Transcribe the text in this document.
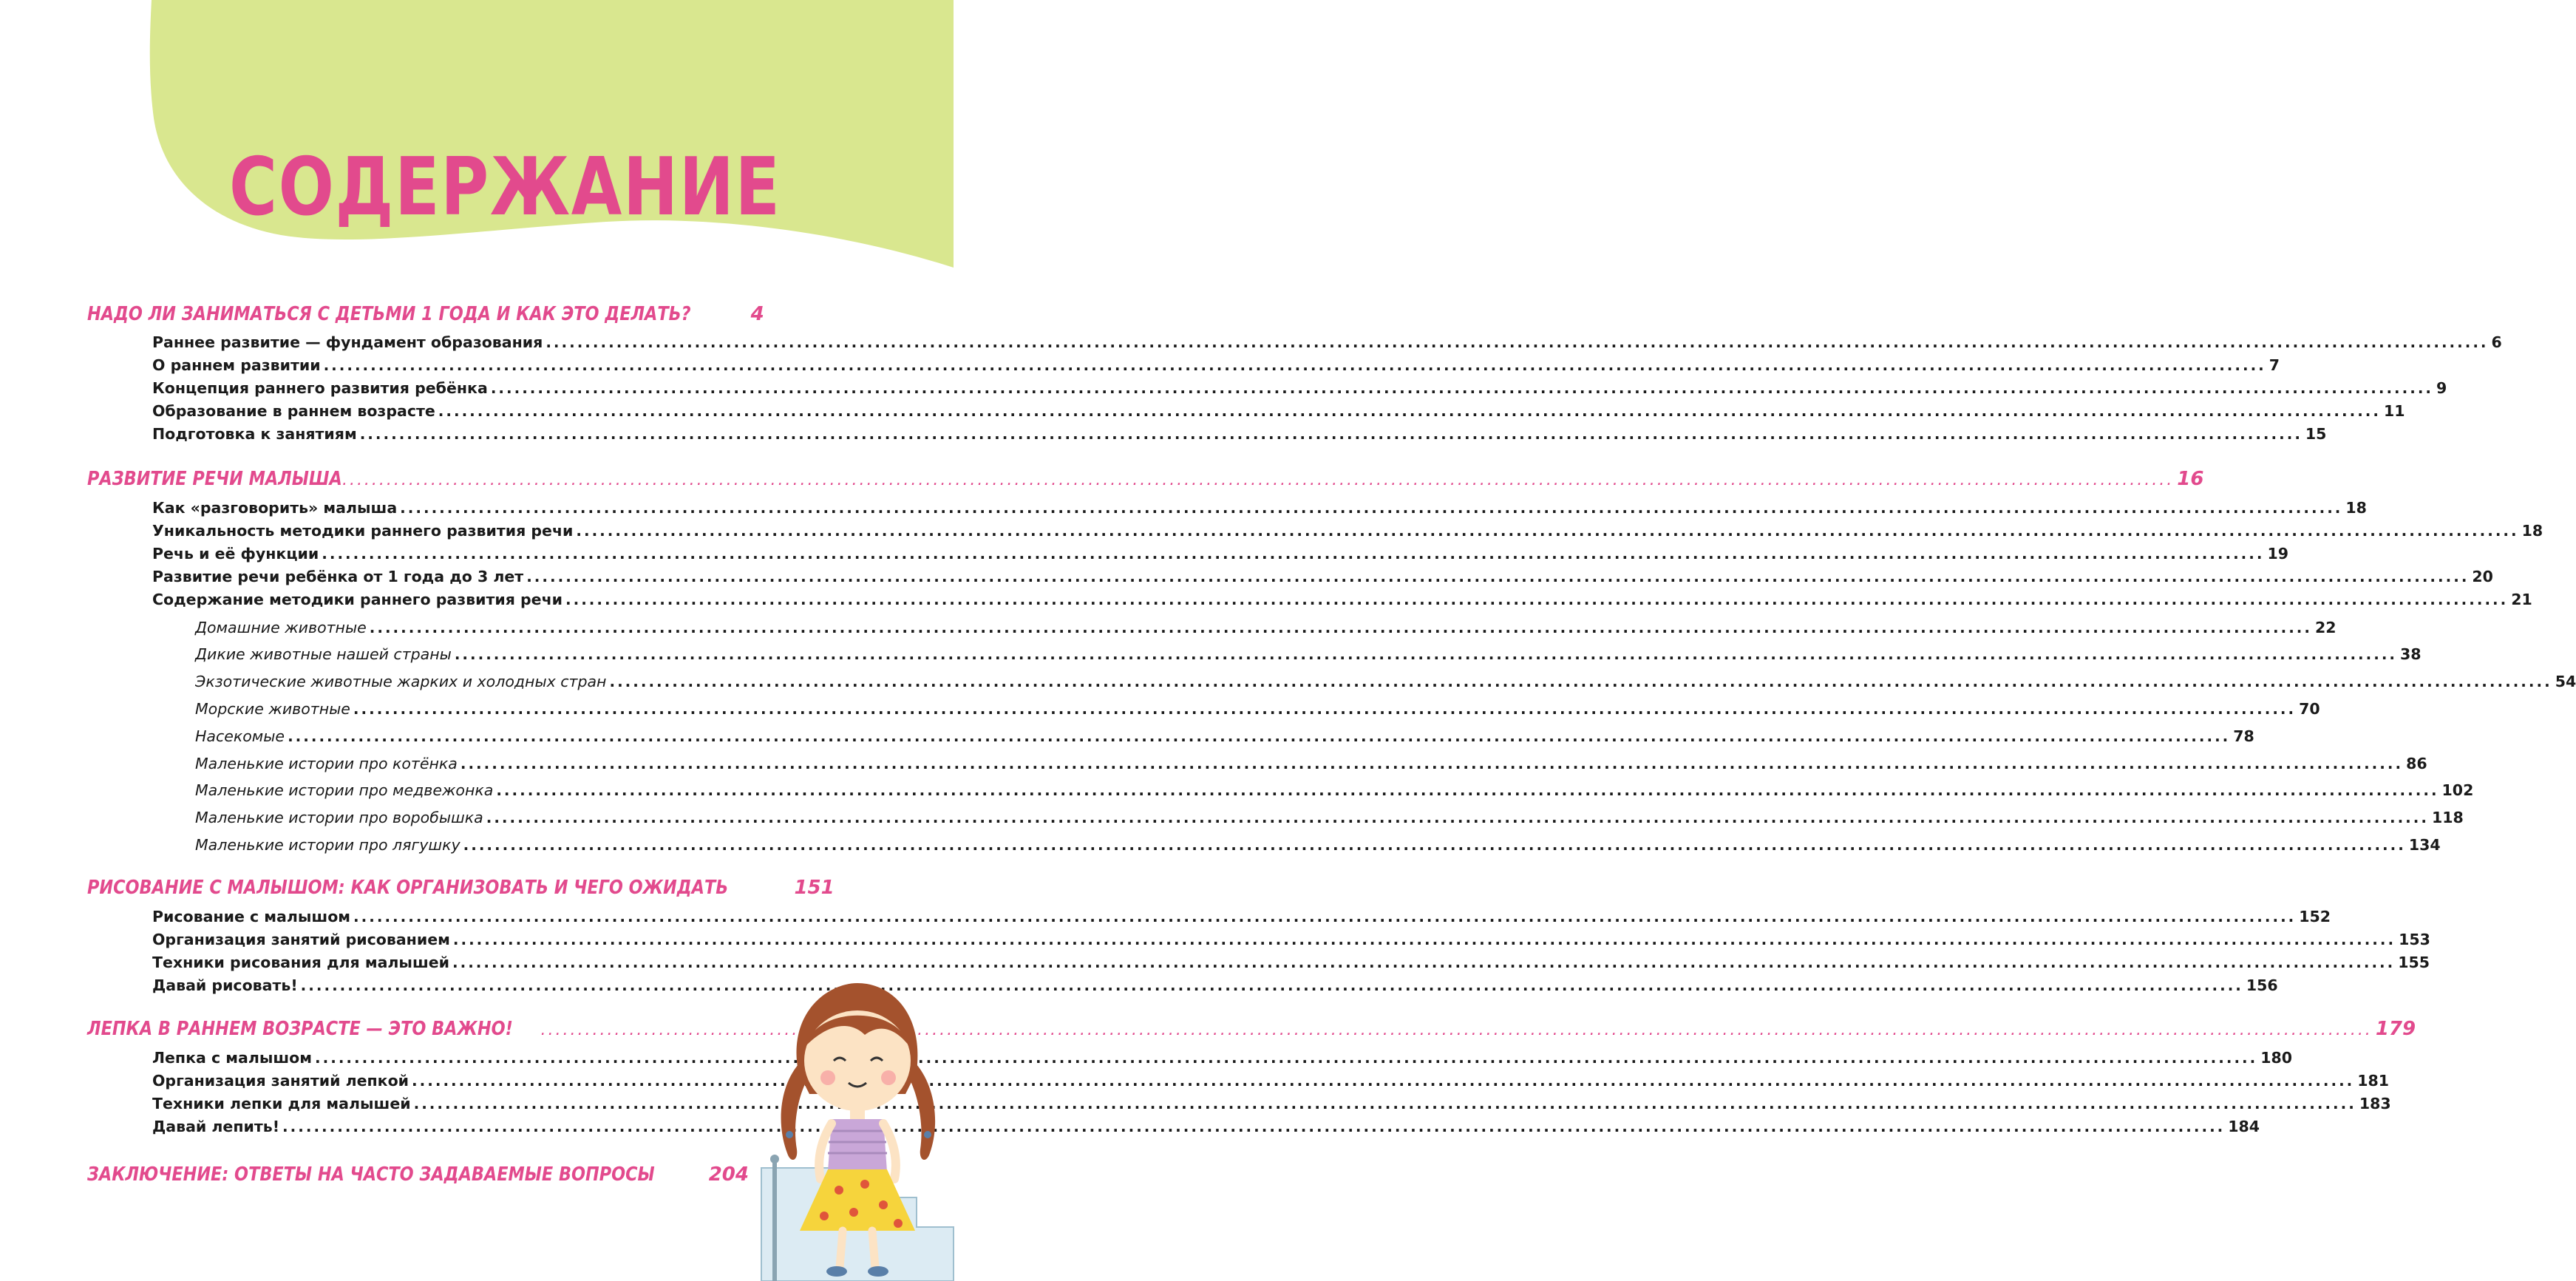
СОДЕРЖАНИЕ
НАДО ЛИ ЗАНИМАТЬСЯ С ДЕТЬМИ 1 ГОДА И КАК ЭТО ДЕЛАТЬ?	4
Раннее развитие — фундамент образования .....	6
О раннем развитии .....	7
Концепция раннего развития ребёнка .....	9
Образование в раннем возрасте .....	11
Подготовка к занятиям .....	15
РАЗВИТИЕ РЕЧИ МАЛЫША .....	16
Как «разговорить» малыша .....	18
Уникальность методики раннего развития речи .....	18
Речь и её функции .....	19
Развитие речи ребёнка от 1 года до 3 лет .....	20
Содержание методики раннего развития речи .....	21
Домашние животные .....	22
Дикие животные нашей страны .....	38
Экзотические животные жарких и холодных стран .....	54
Морские животные .....	70
Насекомые .....	78
Маленькие истории про котёнка .....	86
Маленькие истории про медвежонка .....	102
Маленькие истории про воробышка .....	118
Маленькие истории про лягушку .....	134
РИСОВАНИЕ С МАЛЫШОМ: КАК ОРГАНИЗОВАТЬ И ЧЕГО ОЖИДАТЬ	151
Рисование с малышом .....	152
Организация занятий рисованием .....	153
Техники рисования для малышей .....	155
Давай рисовать! .....	156
ЛЕПКА В РАННЕМ ВОЗРАСТЕ — ЭТО ВАЖНО! .....	179
Лепка с малышом .....	180
Организация занятий лепкой .....	181
Техники лепки для малышей .....	183
Давай лепить! .....	184
ЗАКЛЮЧЕНИЕ: ОТВЕТЫ НА ЧАСТО ЗАДАВАЕМЫЕ ВОПРОСЫ	204
